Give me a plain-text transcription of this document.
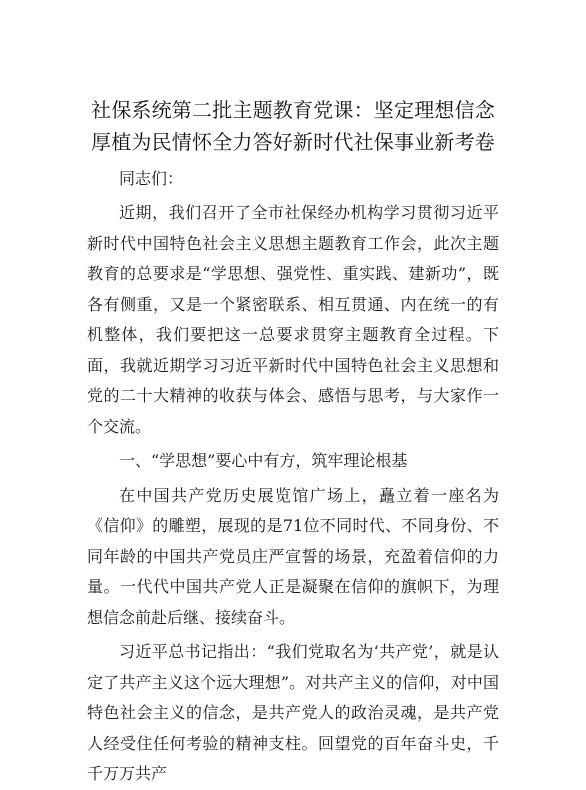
社保系统第二批主题教育党课：坚定理想信念
厚植为民情怀全力答好新时代社保事业新考卷
同志们：

近期，我们召开了全市社保经办机构学习贯彻习近平新时代中国特色社会主义思想主题教育工作会，此次主题教育的总要求是“学思想、强党性、重实践、建新功”，既各有侧重，又是一个紧密联系、相互贯通、内在统一的有机整体，我们要把这一总要求贯穿主题教育全过程。下面，我就近期学习习近平新时代中国特色社会主义思想和党的二十大精神的收获与体会、感悟与思考，与大家作一个交流。

一、“学思想”要心中有方，筑牢理论根基

在中国共产党历史展览馆广场上，矗立着一座名为《信仰》的雕塑，展现的是71位不同时代、不同身份、不同年龄的中国共产党员庄严宣誓的场景，充盈着信仰的力量。一代代中国共产党人正是凝聚在信仰的旗帜下，为理想信念前赴后继、接续奋斗。

习近平总书记指出：“我们党取名为‘共产党’，就是认定了共产主义这个远大理想”。对共产主义的信仰，对中国特色社会主义的信念，是共产党人的政治灵魂，是共产党人经受住任何考验的精神支柱。回望党的百年奋斗史，千千万万共产
